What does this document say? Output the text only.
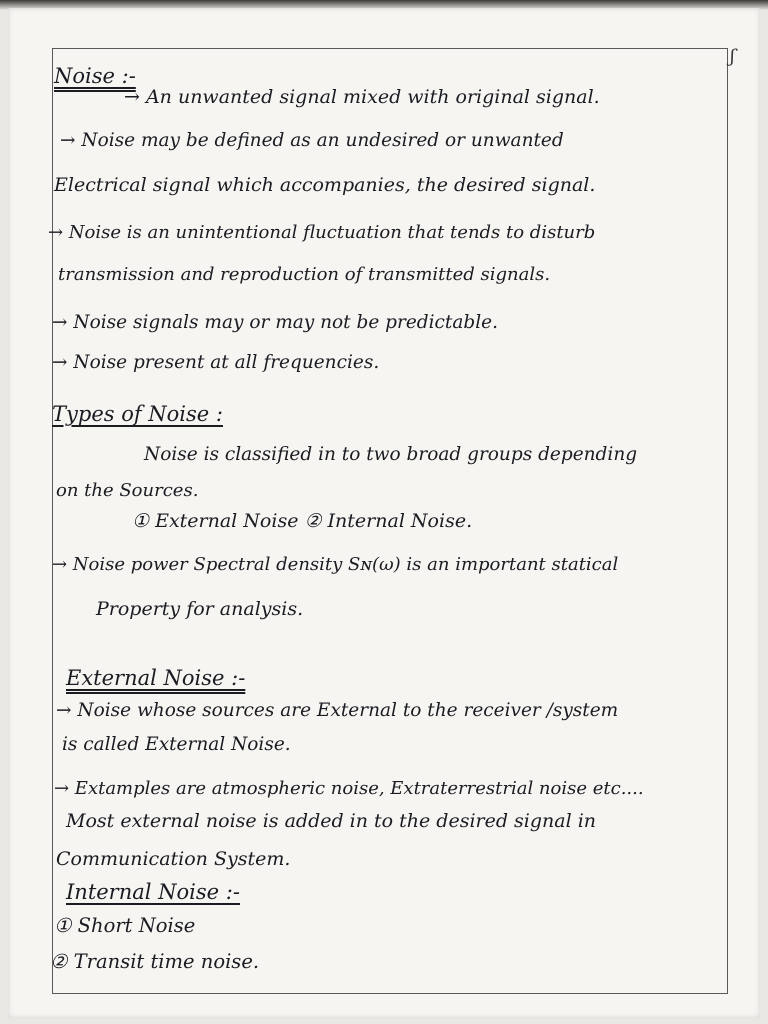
ʃ
Noise :-
→ An unwanted signal mixed with original signal.
→ Noise may be defined as an undesired or unwanted
Electrical signal which accompanies, the desired signal.
→ Noise is an unintentional fluctuation that tends to disturb
transmission and reproduction of transmitted signals.
→ Noise signals may or may not be predictable.
→ Noise present at all frequencies.
Types of Noise :
Noise is classified in to two broad groups depending
on the Sources.
① External Noise ② Internal Noise.
→ Noise power Spectral density Sɴ(ω) is an important statical
Property for analysis.
External Noise :-
→ Noise whose sources are External to the receiver /system
is called External Noise.
→ Extamples are atmospheric noise, Extraterrestrial noise etc....
Most external noise is added in to the desired signal in
Communication System.
Internal Noise :-
① Short Noise
② Transit time noise.
